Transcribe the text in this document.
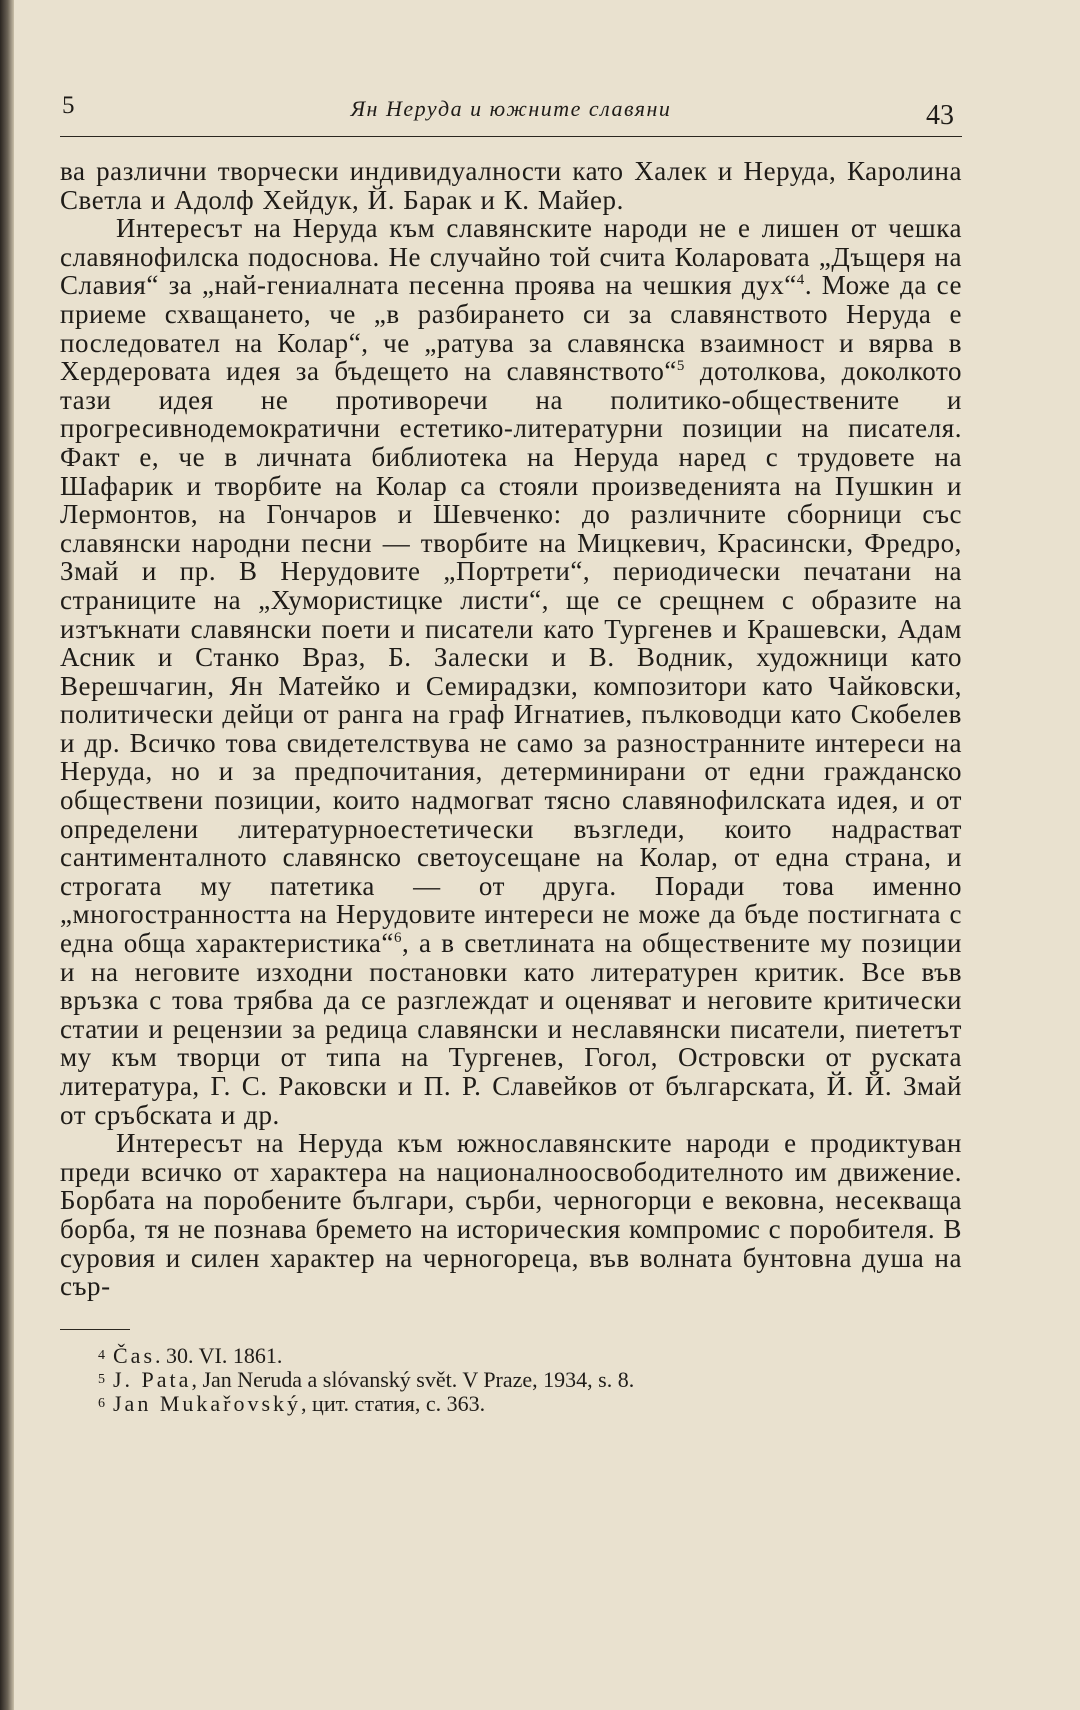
5	Ян Неруда и южните славяни	43

ва различни творчески индивидуалности като Халек и Неруда, Каролина Светла и Адолф Хейдук, Й. Барак и К. Майер.

Интересът на Неруда към славянските народи не е лишен от чешка славянофилска подоснова. Не случайно той счита Коларовата „Дъщеря на Славия“ за „най-гениалната песенна проява на чешкия дух“$^4$. Може да се приеме схващането, че „в разбирането си за славянството Неруда е последовател на Колар“, че „ратува за славянска взаимност и вярва в Хердеровата идея за бъдещето на славянството“$^5$ дотолкова, доколкото тази идея не противоречи на политико-обществените и прогресивнодемократични естетико-литературни позиции на писателя. Факт е, че в личната библиотека на Неруда наред с трудовете на Шафарик и творбите на Колар са стояли произведенията на Пушкин и Лермонтов, на Гончаров и Шевченко: до различните сборници със славянски народни песни — творбите на Мицкевич, Красински, Фредро, Змай и пр. В Нерудовите „Портрети“, периодически печатани на страниците на „Хумористицке листи“, ще се срещнем с образите на изтъкнати славянски поети и писатели като Тургенев и Крашевски, Адам Асник и Станко Враз, Б. Залески и В. Водник, художници като Верешчагин, Ян Матейко и Семирадзки, композитори като Чайковски, политически дейци от ранга на граф Игнатиев, пълководци като Скобелев и др. Всичко това свидетелствува не само за разностранните интереси на Неруда, но и за предпочитания, детерминирани от едни гражданско обществени позиции, които надмогват тясно славянофилската идея, и от определени литературноестетически възгледи, които надрастват сантименталното славянско светоусещане на Колар, от една страна, и строгата му патетика — от друга. Поради това именно „многостранността на Нерудовите интереси не може да бъде постигната с една обща характеристика“$^6$, а в светлината на обществените му позиции и на неговите изходни постановки като литературен критик. Все във връзка с това трябва да се разглеждат и оценяват и неговите критически статии и рецензии за редица славянски и неславянски писатели, пиететът му към творци от типа на Тургенев, Гогол, Островски от руската литература, Г. С. Раковски и П. Р. Славейков от българската, Й. Й. Змай от сръбската и др.

Интересът на Неруда към южнославянските народи е продиктуван преди всичко от характера на националноосвободителното им движение. Борбата на поробените българи, сърби, черногорци е вековна, несекваща борба, тя не познава бремето на историческия компромис с поробителя. В суровия и силен характер на черногореца, във волната бунтовна душа на сър-

4 Čas. 30. VI. 1861.
5 J. Pata, Jan Neruda a slóvanský svět. V Praze, 1934, s. 8.
6 Jan Mukařovský, цит. статия, с. 363.
